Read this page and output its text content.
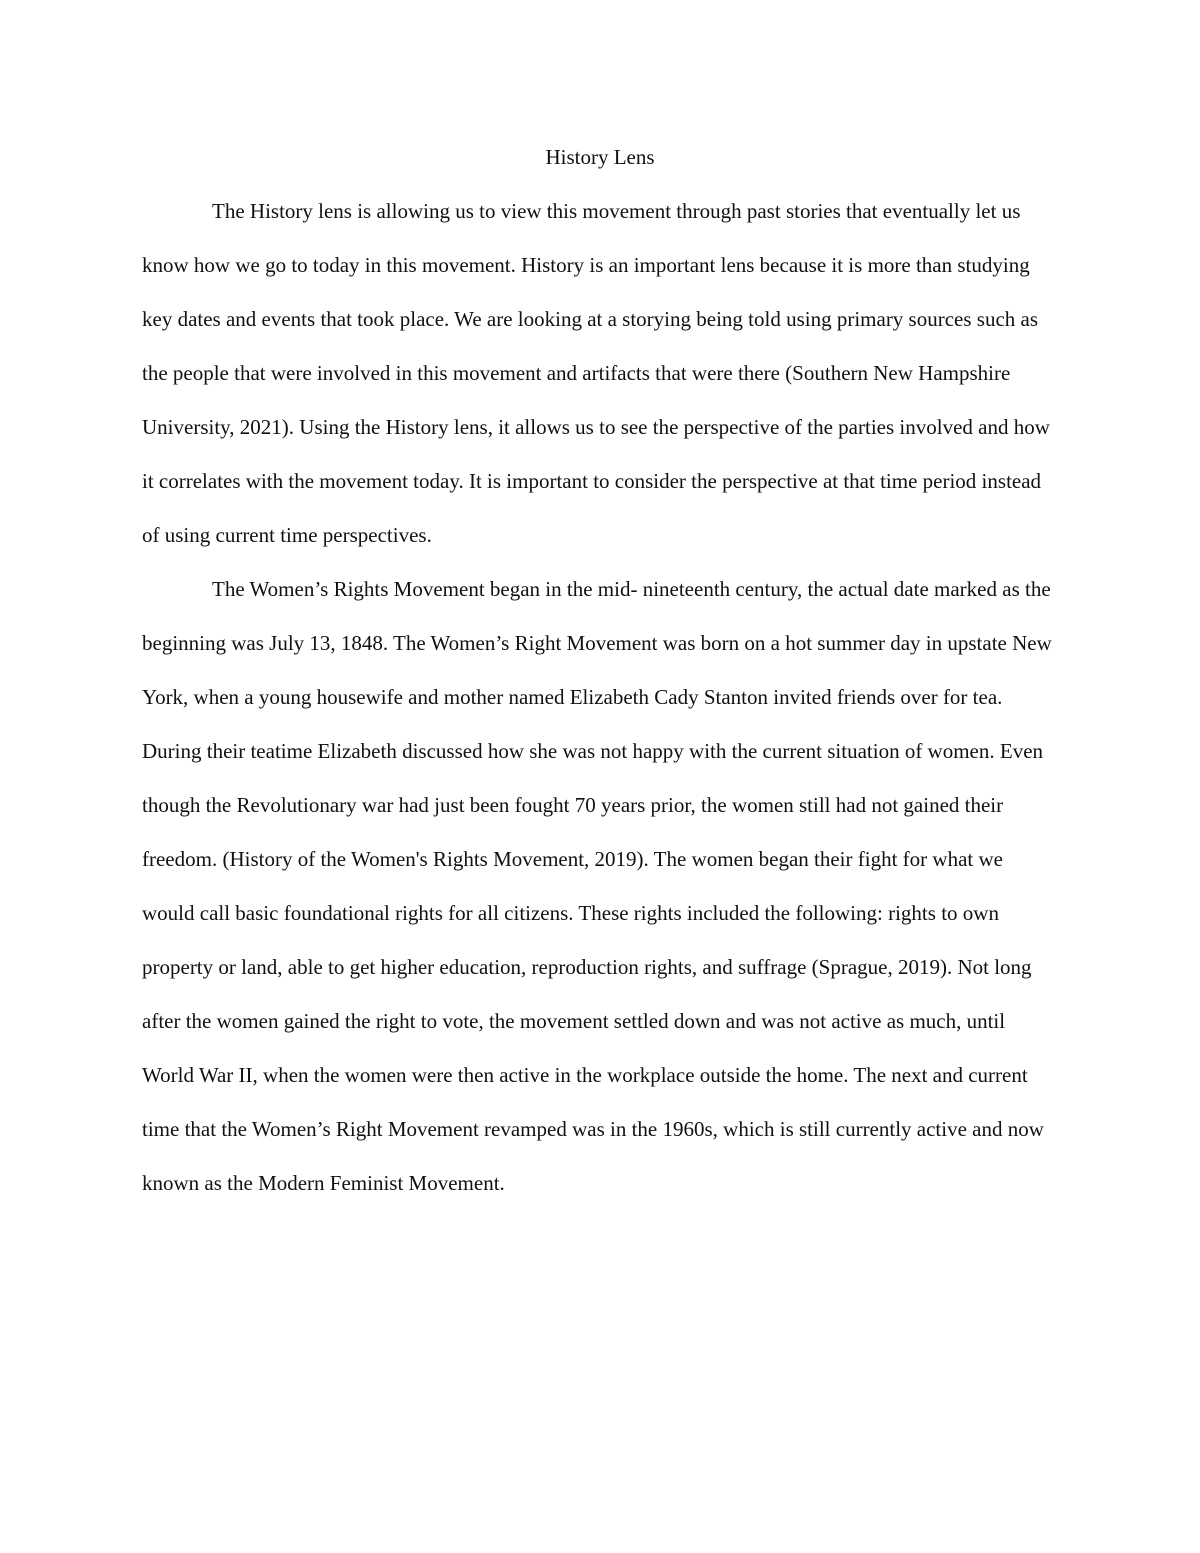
History Lens

The History lens is allowing us to view this movement through past stories that eventually let us know how we go to today in this movement. History is an important lens because it is more than studying key dates and events that took place. We are looking at a storying being told using primary sources such as the people that were involved in this movement and artifacts that were there (Southern New Hampshire University, 2021). Using the History lens, it allows us to see the perspective of the parties involved and how it correlates with the movement today. It is important to consider the perspective at that time period instead of using current time perspectives.

The Women’s Rights Movement began in the mid- nineteenth century, the actual date marked as the beginning was July 13, 1848. The Women’s Right Movement was born on a hot summer day in upstate New York, when a young housewife and mother named Elizabeth Cady Stanton invited friends over for tea. During their teatime Elizabeth discussed how she was not happy with the current situation of women. Even though the Revolutionary war had just been fought 70 years prior, the women still had not gained their freedom. (History of the Women's Rights Movement, 2019). The women began their fight for what we would call basic foundational rights for all citizens. These rights included the following: rights to own property or land, able to get higher education, reproduction rights, and suffrage (Sprague, 2019). Not long after the women gained the right to vote, the movement settled down and was not active as much, until World War II, when the women were then active in the workplace outside the home. The next and current time that the Women’s Right Movement revamped was in the 1960s, which is still currently active and now known as the Modern Feminist Movement.
